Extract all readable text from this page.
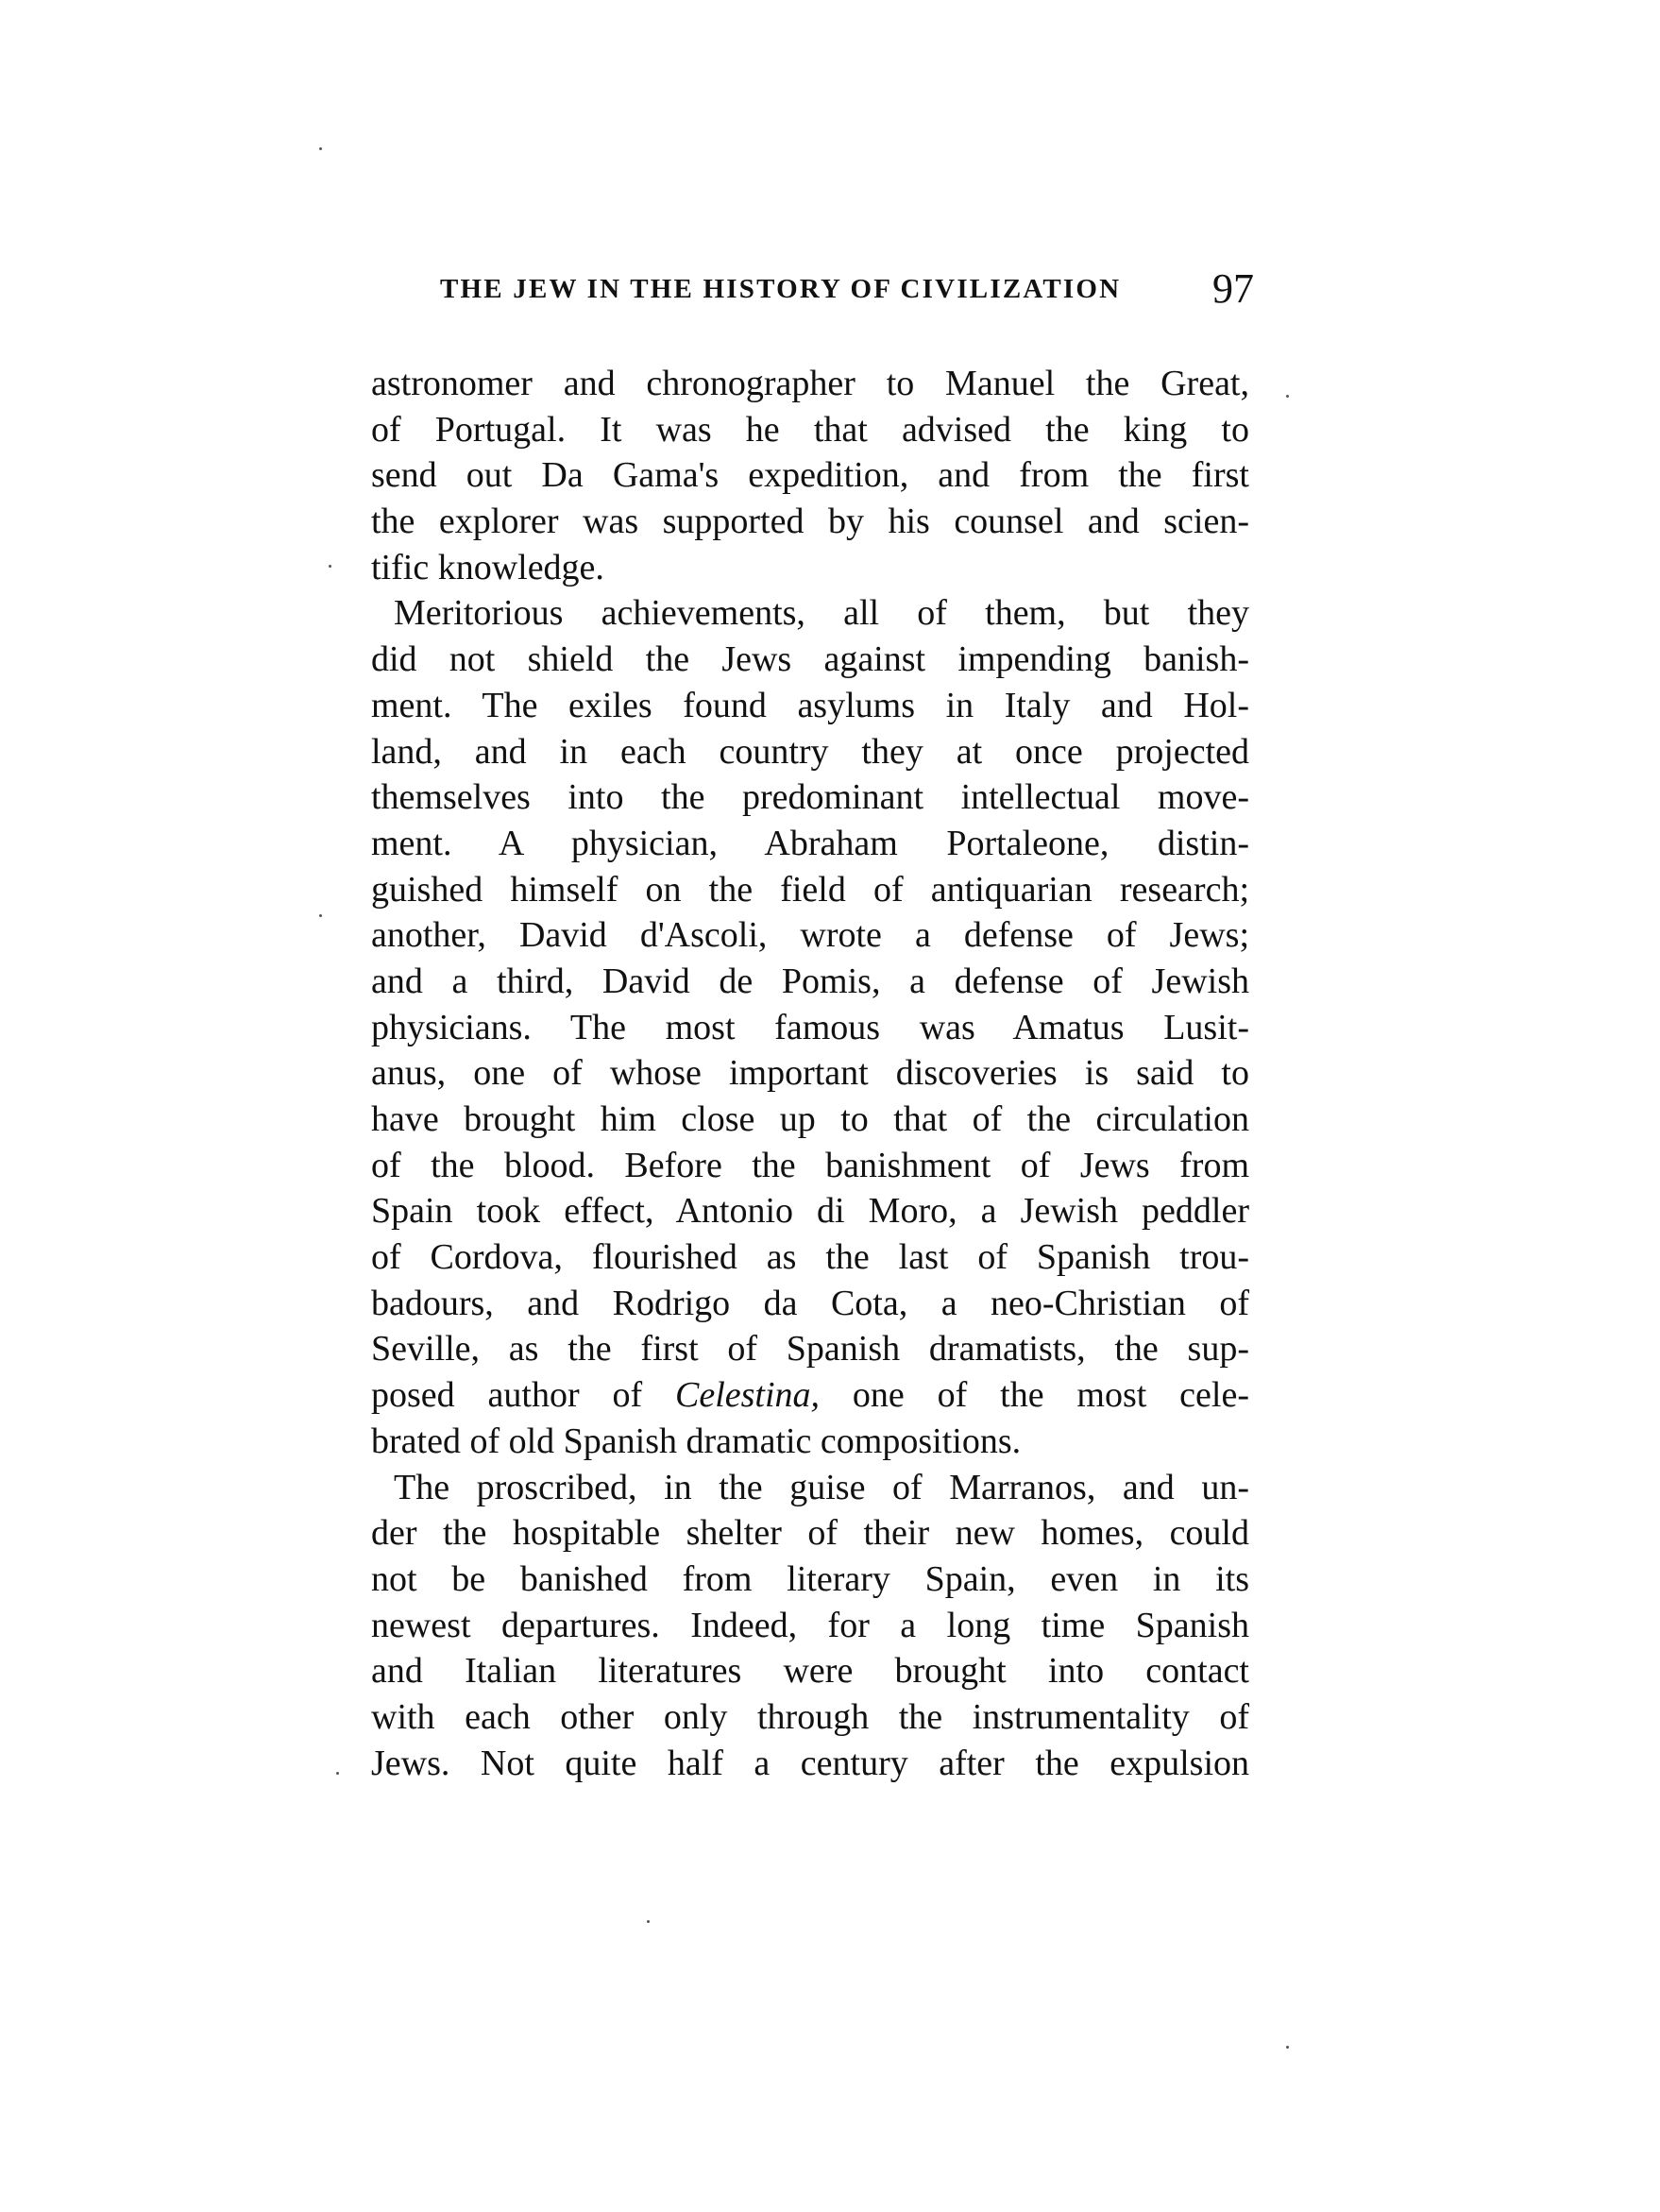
THE JEW IN THE HISTORY OF CIVILIZATION 97
astronomer and chronographer to Manuel the Great,
of Portugal. It was he that advised the king to
send out Da Gama's expedition, and from the first
the explorer was supported by his counsel and scien-
tific knowledge.
Meritorious achievements, all of them, but they
did not shield the Jews against impending banish-
ment. The exiles found asylums in Italy and Hol-
land, and in each country they at once projected
themselves into the predominant intellectual move-
ment. A physician, Abraham Portaleone, distin-
guished himself on the field of antiquarian research;
another, David d'Ascoli, wrote a defense of Jews;
and a third, David de Pomis, a defense of Jewish
physicians. The most famous was Amatus Lusit-
anus, one of whose important discoveries is said to
have brought him close up to that of the circulation
of the blood. Before the banishment of Jews from
Spain took effect, Antonio di Moro, a Jewish peddler
of Cordova, flourished as the last of Spanish trou-
badours, and Rodrigo da Cota, a neo-Christian of
Seville, as the first of Spanish dramatists, the sup-
posed author of Celestina, one of the most cele-
brated of old Spanish dramatic compositions.
The proscribed, in the guise of Marranos, and un-
der the hospitable shelter of their new homes, could
not be banished from literary Spain, even in its
newest departures. Indeed, for a long time Spanish
and Italian literatures were brought into contact
with each other only through the instrumentality of
Jews. Not quite half a century after the expulsion
